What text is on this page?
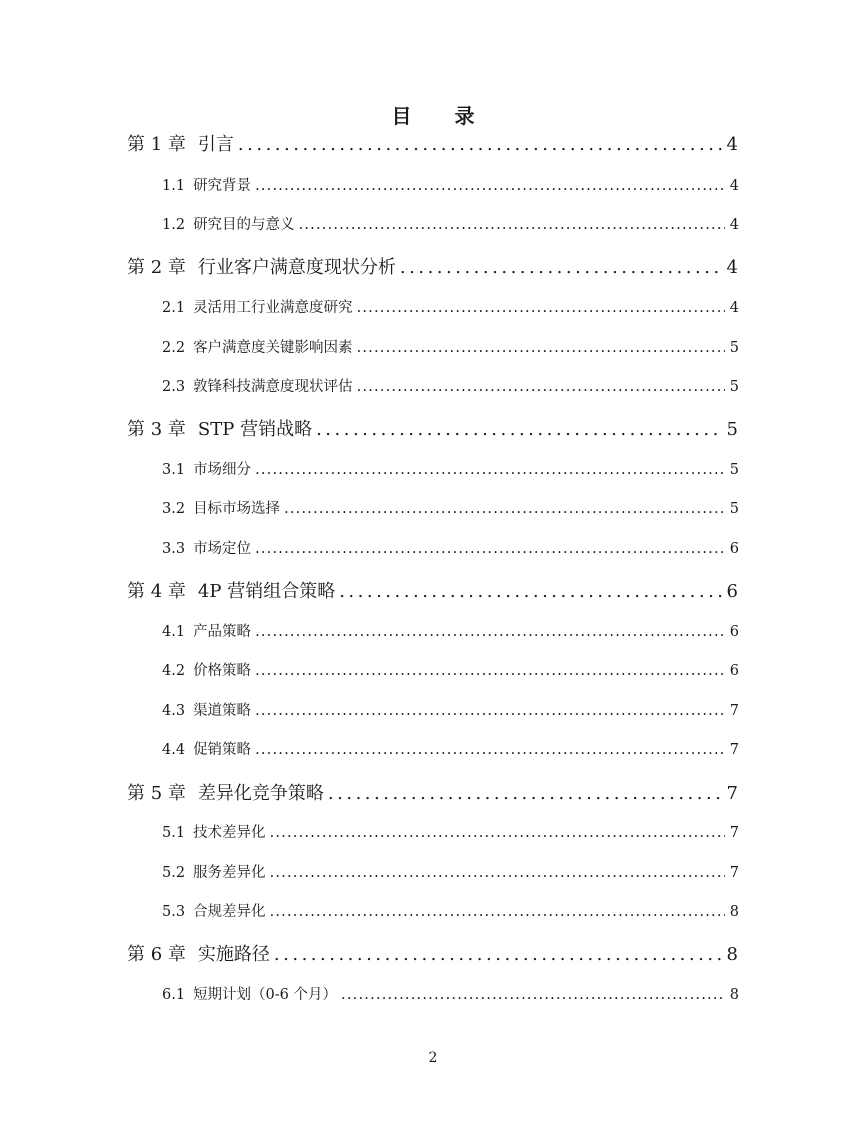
目 录
第 1 章 引言 .....	4
1.1 研究背景 .....	4
1.2 研究目的与意义 .....	4
第 2 章 行业客户满意度现状分析 .....	4
2.1 灵活用工行业满意度研究 .....	4
2.2 客户满意度关键影响因素 .....	5
2.3 敦锋科技满意度现状评估 .....	5
第 3 章 STP 营销战略 .....	5
3.1 市场细分 .....	5
3.2 目标市场选择 .....	5
3.3 市场定位 .....	6
第 4 章 4P 营销组合策略 .....	6
4.1 产品策略 .....	6
4.2 价格策略 .....	6
4.3 渠道策略 .....	7
4.4 促销策略 .....	7
第 5 章 差异化竞争策略 .....	7
5.1 技术差异化 .....	7
5.2 服务差异化 .....	7
5.3 合规差异化 .....	8
第 6 章 实施路径 .....	8
6.1 短期计划（0-6 个月） .....	8
2
